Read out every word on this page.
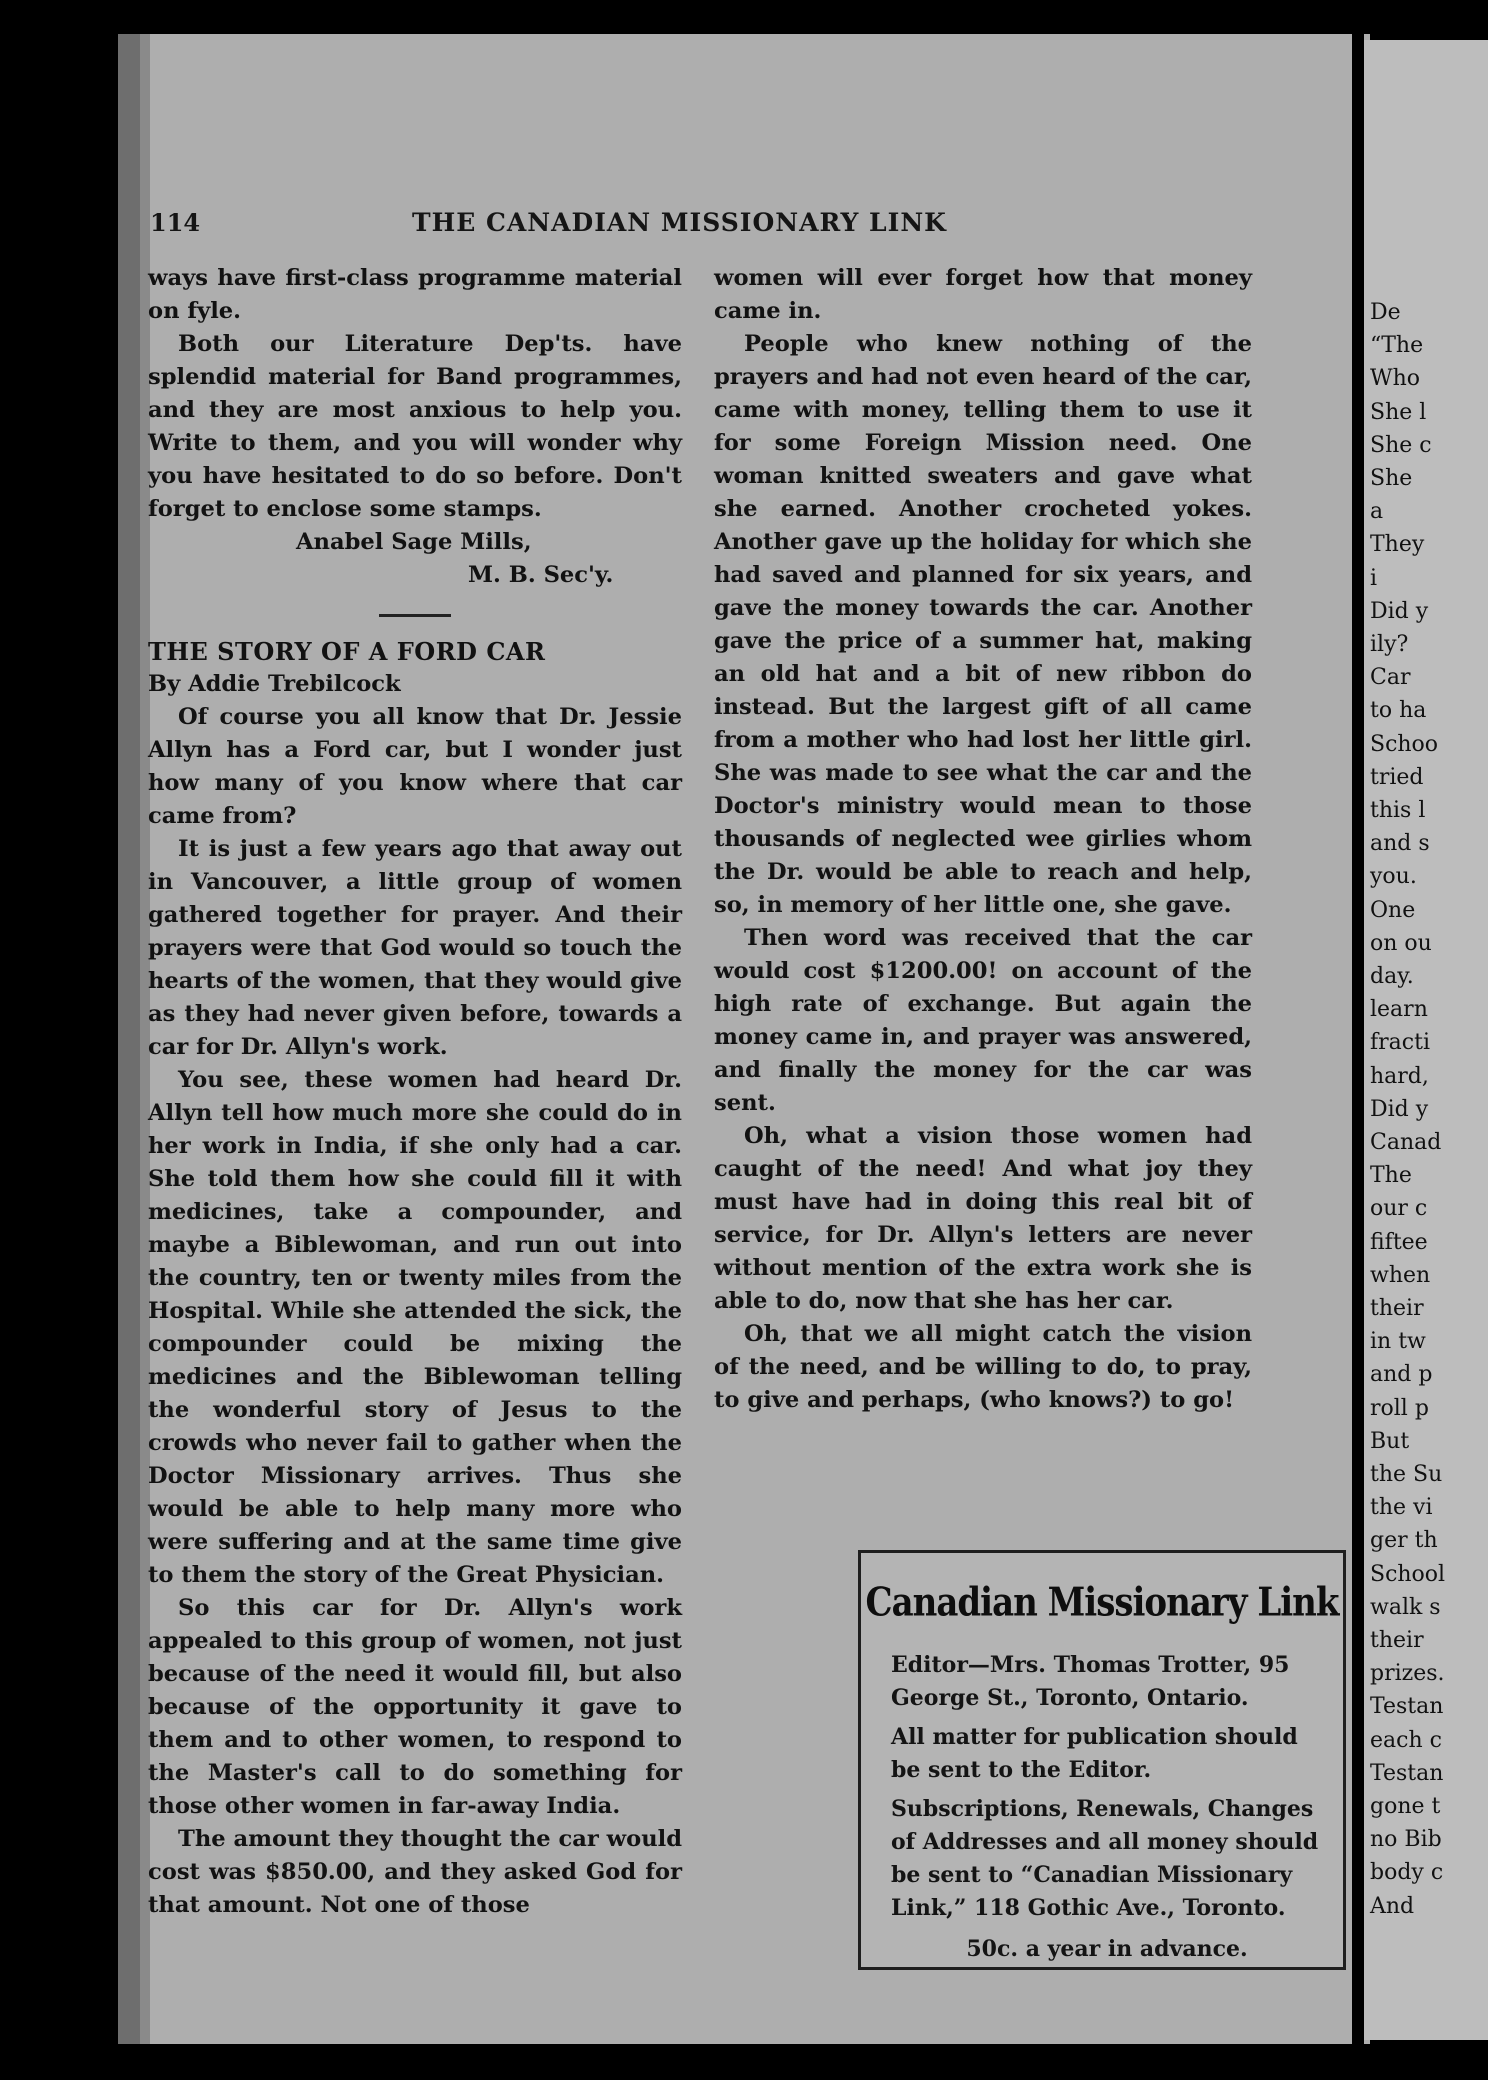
114	THE CANADIAN MISSIONARY LINK

ways have first-class programme material on fyle.

Both our Literature Dep'ts. have splendid material for Band programmes, and they are most anxious to help you. Write to them, and you will wonder why you have hesitated to do so before. Don't forget to enclose some stamps.

Anabel Sage Mills,

M. B. Sec'y.

THE STORY OF A FORD CAR

By Addie Trebilcock

Of course you all know that Dr. Jessie Allyn has a Ford car, but I wonder just how many of you know where that car came from?

It is just a few years ago that away out in Vancouver, a little group of women gathered together for prayer. And their prayers were that God would so touch the hearts of the women, that they would give as they had never given before, towards a car for Dr. Allyn's work.

You see, these women had heard Dr. Allyn tell how much more she could do in her work in India, if she only had a car. She told them how she could fill it with medicines, take a compounder, and maybe a Biblewoman, and run out into the country, ten or twenty miles from the Hospital. While she attended the sick, the compounder could be mixing the medicines and the Biblewoman telling the wonderful story of Jesus to the crowds who never fail to gather when the Doctor Missionary arrives. Thus she would be able to help many more who were suffering and at the same time give to them the story of the Great Physician.

So this car for Dr. Allyn's work appealed to this group of women, not just because of the need it would fill, but also because of the opportunity it gave to them and to other women, to respond to the Master's call to do something for those other women in far-away India.

The amount they thought the car would cost was $850.00, and they asked God for that amount. Not one of those

women will ever forget how that money came in.

People who knew nothing of the prayers and had not even heard of the car, came with money, telling them to use it for some Foreign Mission need. One woman knitted sweaters and gave what she earned. Another crocheted yokes. Another gave up the holiday for which she had saved and planned for six years, and gave the money towards the car. Another gave the price of a summer hat, making an old hat and a bit of new ribbon do instead. But the largest gift of all came from a mother who had lost her little girl. She was made to see what the car and the Doctor's ministry would mean to those thousands of neglected wee girlies whom the Dr. would be able to reach and help, so, in memory of her little one, she gave.

Then word was received that the car would cost $1200.00! on account of the high rate of exchange. But again the money came in, and prayer was answered, and finally the money for the car was sent.

Oh, what a vision those women had caught of the need! And what joy they must have had in doing this real bit of service, for Dr. Allyn's letters are never without mention of the extra work she is able to do, now that she has her car.

Oh, that we all might catch the vision of the need, and be willing to do, to pray, to give and perhaps, (who knows?) to go!

Canadian Missionary Link

Editor—Mrs. Thomas Trotter, 95 George St., Toronto, Ontario.

All matter for publication should be sent to the Editor.

Subscriptions, Renewals, Changes of Addresses and all money should be sent to “Canadian Missionary Link,” 118 Gothic Ave., Toronto.

50c. a year in advance.

De
“The
Who
She l
She c
She
a
They
i
Did y
ily?
Car
to ha
Schoo
tried
this l
and s
you.
One
on ou
day.
learn
fracti
hard,
Did y
Canad
The
our c
fiftee
when
their
in tw
and p
roll p
But
the Su
the vi
ger th
School
walk s
their
prizes.
Testan
each c
Testan
gone t
no Bib
body c
And
